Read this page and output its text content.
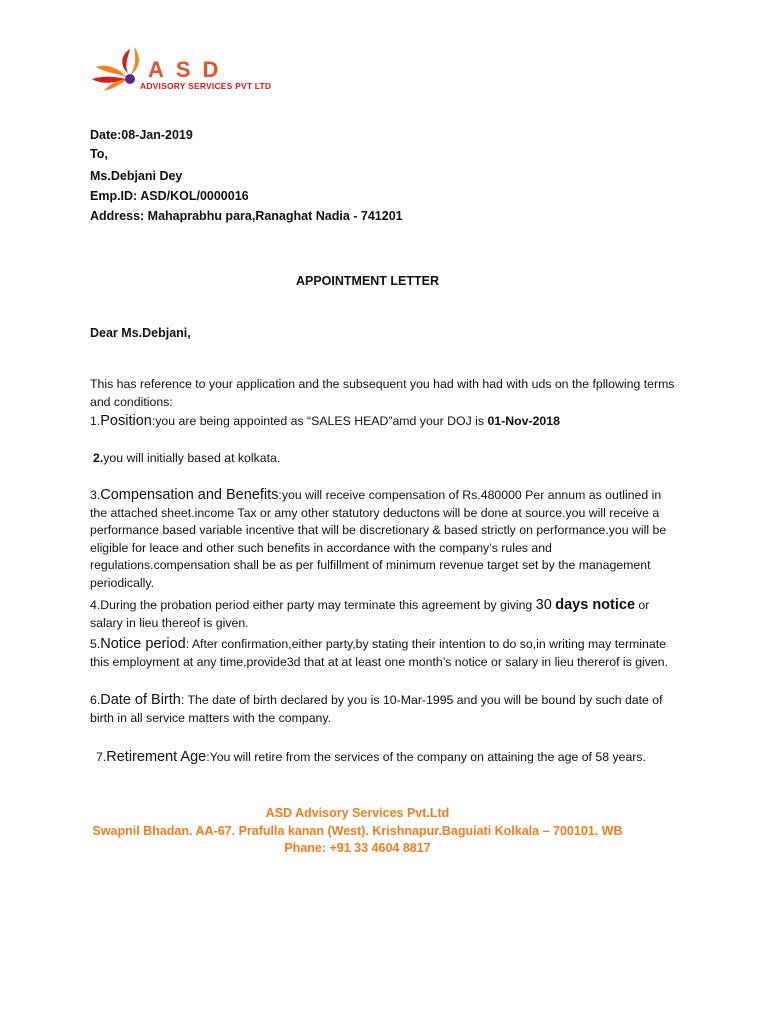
ASD
ADVISORY SERVICES PVT LTD
Date:08-Jan-2019
To,
Ms.Debjani Dey
Emp.ID: ASD/KOL/0000016
Address: Mahaprabhu para,Ranaghat Nadia - 741201
APPOINTMENT LETTER
Dear Ms.Debjani,
This has reference to your application and the subsequent you had with had with uds on the fpllowing terms and conditions:
1.Position:you are being appointed as “SALES HEAD”amd your DOJ is 01-Nov-2018
2.you will initially based at kolkata.
3.Compensation and Benefits:you will receive compensation of Rs.480000 Per annum as outlined in the attached sheet.income Tax or amy other statutory deductons will be done at source.you will receive a performance based variable incentive that will be discretionary & based strictly on performance.you will be eligible for leace and other such benefits in accordance with the company’s rules and regulations.compensation shall be as per fulfillment of minimum revenue target set by the management periodically.
4.During the probation period either party may terminate this agreement by giving 30 days notice or salary in lieu thereof is given.
5.Notice period: After confirmation,either party,by stating their intention to do so,in writing may terminate this employment at any time,provide3d that at at least one month’s notice or salary in lieu thererof is given.
6.Date of Birth: The date of birth declared by you is 10-Mar-1995 and you will be bound by such date of birth in all service matters with the company.
7.Retirement Age:You will retire from the services of the company on attaining the age of 58 years.
ASD Advisory Services Pvt.Ltd
Swapnil Bhadan. AA-67. Prafulla kanan (West). Krishnapur.Baguiati Kolkala – 700101. WB
Phane: +91 33 4604 8817
